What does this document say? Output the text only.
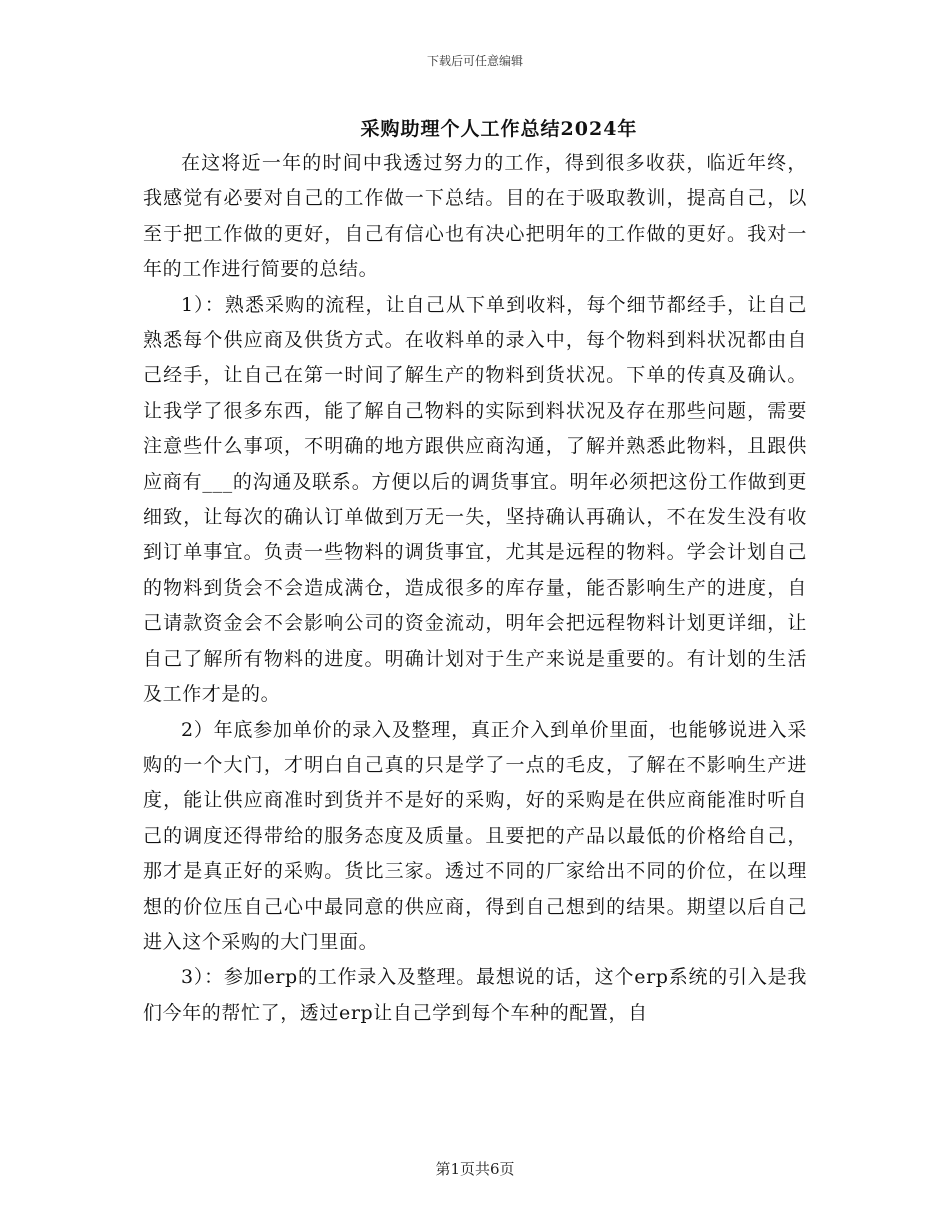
下载后可任意编辑
采购助理个人工作总结2024年

在这将近一年的时间中我透过努力的工作，得到很多收获，临近年终，我感觉有必要对自己的工作做一下总结。目的在于吸取教训，提高自己，以至于把工作做的更好，自己有信心也有决心把明年的工作做的更好。我对一年的工作进行简要的总结。

1）：熟悉采购的流程，让自己从下单到收料，每个细节都经手，让自己熟悉每个供应商及供货方式。在收料单的录入中，每个物料到料状况都由自己经手，让自己在第一时间了解生产的物料到货状况。下单的传真及确认。让我学了很多东西，能了解自己物料的实际到料状况及存在那些问题，需要注意些什么事项，不明确的地方跟供应商沟通，了解并熟悉此物料，且跟供应商有___的沟通及联系。方便以后的调货事宜。明年必须把这份工作做到更细致，让每次的确认订单做到万无一失，坚持确认再确认，不在发生没有收到订单事宜。负责一些物料的调货事宜，尤其是远程的物料。学会计划自己的物料到货会不会造成满仓，造成很多的库存量，能否影响生产的进度，自己请款资金会不会影响公司的资金流动，明年会把远程物料计划更详细，让自己了解所有物料的进度。明确计划对于生产来说是重要的。有计划的生活及工作才是的。

2）年底参加单价的录入及整理，真正介入到单价里面，也能够说进入采购的一个大门，才明白自己真的只是学了一点的毛皮，了解在不影响生产进度，能让供应商准时到货并不是好的采购，好的采购是在供应商能准时听自己的调度还得带给的服务态度及质量。且要把的产品以最低的价格给自己，那才是真正好的采购。货比三家。透过不同的厂家给出不同的价位，在以理想的价位压自己心中最同意的供应商，得到自己想到的结果。期望以后自己进入这个采购的大门里面。

3）：参加erp的工作录入及整理。最想说的话，这个erp系统的引入是我们今年的帮忙了，透过erp让自己学到每个车种的配置，自

第1页共6页
